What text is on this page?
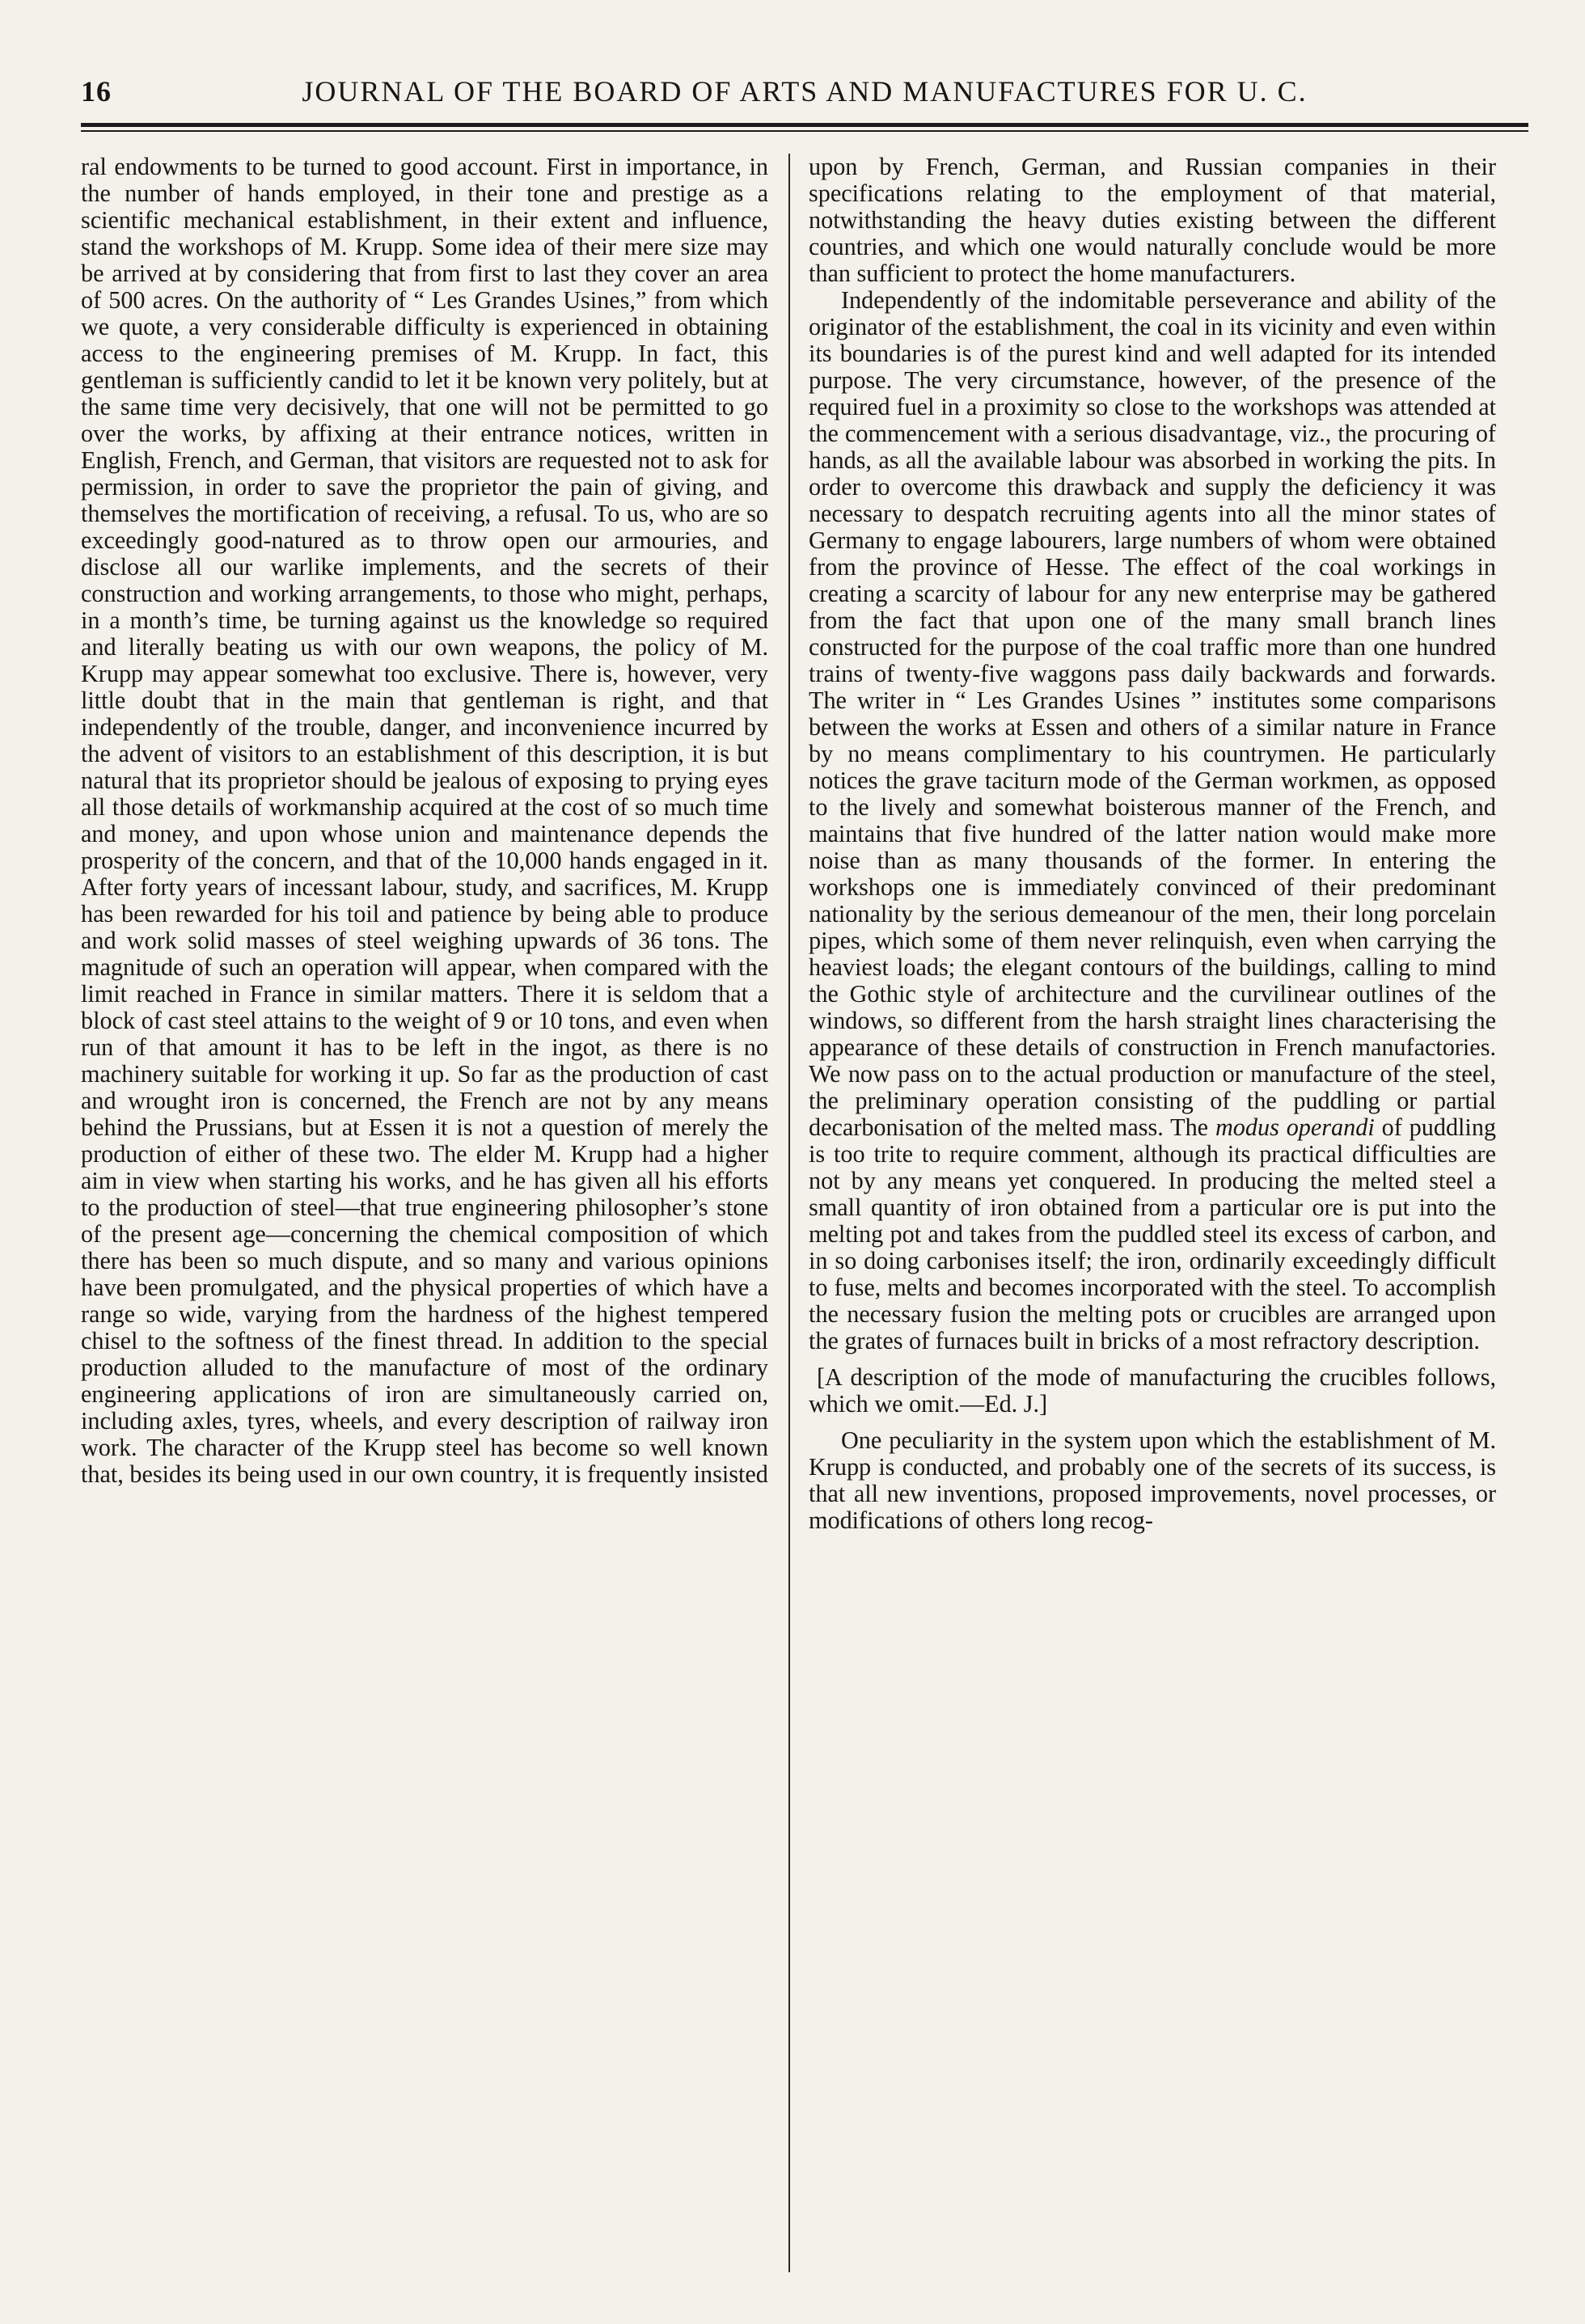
16	JOURNAL OF THE BOARD OF ARTS AND MANUFACTURES FOR U. C.

ral endowments to be turned to good account. First in importance, in the number of hands employed, in their tone and prestige as a scientific mechanical establishment, in their extent and influence, stand the workshops of M. Krupp. Some idea of their mere size may be arrived at by considering that from first to last they cover an area of 500 acres. On the authority of “ Les Grandes Usines,” from which we quote, a very considerable difficulty is experienced in obtaining access to the engineering premises of M. Krupp. In fact, this gentleman is sufficiently candid to let it be known very politely, but at the same time very decisively, that one will not be permitted to go over the works, by affixing at their entrance notices, written in English, French, and German, that visitors are requested not to ask for permission, in order to save the proprietor the pain of giving, and themselves the mortification of receiving, a refusal. To us, who are so exceedingly good-natured as to throw open our armouries, and disclose all our warlike implements, and the secrets of their construction and working arrangements, to those who might, perhaps, in a month’s time, be turning against us the knowledge so required and literally beating us with our own weapons, the policy of M. Krupp may appear somewhat too exclusive. There is, however, very little doubt that in the main that gentleman is right, and that independently of the trouble, danger, and inconvenience incurred by the advent of visitors to an establishment of this description, it is but natural that its proprietor should be jealous of exposing to prying eyes all those details of workmanship acquired at the cost of so much time and money, and upon whose union and maintenance depends the prosperity of the concern, and that of the 10,000 hands engaged in it. After forty years of incessant labour, study, and sacrifices, M. Krupp has been rewarded for his toil and patience by being able to produce and work solid masses of steel weighing upwards of 36 tons. The magnitude of such an operation will appear, when compared with the limit reached in France in similar matters. There it is seldom that a block of cast steel attains to the weight of 9 or 10 tons, and even when run of that amount it has to be left in the ingot, as there is no machinery suitable for working it up. So far as the production of cast and wrought iron is concerned, the French are not by any means behind the Prussians, but at Essen it is not a question of merely the production of either of these two. The elder M. Krupp had a higher aim in view when starting his works, and he has given all his efforts to the production of steel—that true engineering philosopher’s stone of the present age—concerning the chemical composition of which there has been so much dispute, and so many and various opinions have been promulgated, and the physical properties of which have a range so wide, varying from the hardness of the highest tempered chisel to the softness of the finest thread. In addition to the special production alluded to the manufacture of most of the ordinary engineering applications of iron are simultaneously carried on, including axles, tyres, wheels, and every description of railway iron work. The character of the Krupp steel has become so well known that, besides its being used in our own country, it is frequently insisted

upon by French, German, and Russian companies in their specifications relating to the employment of that material, notwithstanding the heavy duties existing between the different countries, and which one would naturally conclude would be more than sufficient to protect the home manufacturers.

Independently of the indomitable perseverance and ability of the originator of the establishment, the coal in its vicinity and even within its boundaries is of the purest kind and well adapted for its intended purpose. The very circumstance, however, of the presence of the required fuel in a proximity so close to the workshops was attended at the commencement with a serious disadvantage, viz., the procuring of hands, as all the available labour was absorbed in working the pits. In order to overcome this drawback and supply the deficiency it was necessary to despatch recruiting agents into all the minor states of Germany to engage labourers, large numbers of whom were obtained from the province of Hesse. The effect of the coal workings in creating a scarcity of labour for any new enterprise may be gathered from the fact that upon one of the many small branch lines constructed for the purpose of the coal traffic more than one hundred trains of twenty-five waggons pass daily backwards and forwards. The writer in “ Les Grandes Usines ” institutes some comparisons between the works at Essen and others of a similar nature in France by no means complimentary to his countrymen. He particularly notices the grave taciturn mode of the German workmen, as opposed to the lively and somewhat boisterous manner of the French, and maintains that five hundred of the latter nation would make more noise than as many thousands of the former. In entering the workshops one is immediately convinced of their predominant nationality by the serious demeanour of the men, their long porcelain pipes, which some of them never relinquish, even when carrying the heaviest loads; the elegant contours of the buildings, calling to mind the Gothic style of architecture and the curvilinear outlines of the windows, so different from the harsh straight lines characterising the appearance of these details of construction in French manufactories. We now pass on to the actual production or manufacture of the steel, the preliminary operation consisting of the puddling or partial decarbonisation of the melted mass. The modus operandi of puddling is too trite to require comment, although its practical difficulties are not by any means yet conquered. In producing the melted steel a small quantity of iron obtained from a particular ore is put into the melting pot and takes from the puddled steel its excess of carbon, and in so doing carbonises itself; the iron, ordinarily exceedingly difficult to fuse, melts and becomes incorporated with the steel. To accomplish the necessary fusion the melting pots or crucibles are arranged upon the grates of furnaces built in bricks of a most refractory description.

[A description of the mode of manufacturing the crucibles follows, which we omit.—Ed. J.]

One peculiarity in the system upon which the establishment of M. Krupp is conducted, and probably one of the secrets of its success, is that all new inventions, proposed improvements, novel processes, or modifications of others long recog-
